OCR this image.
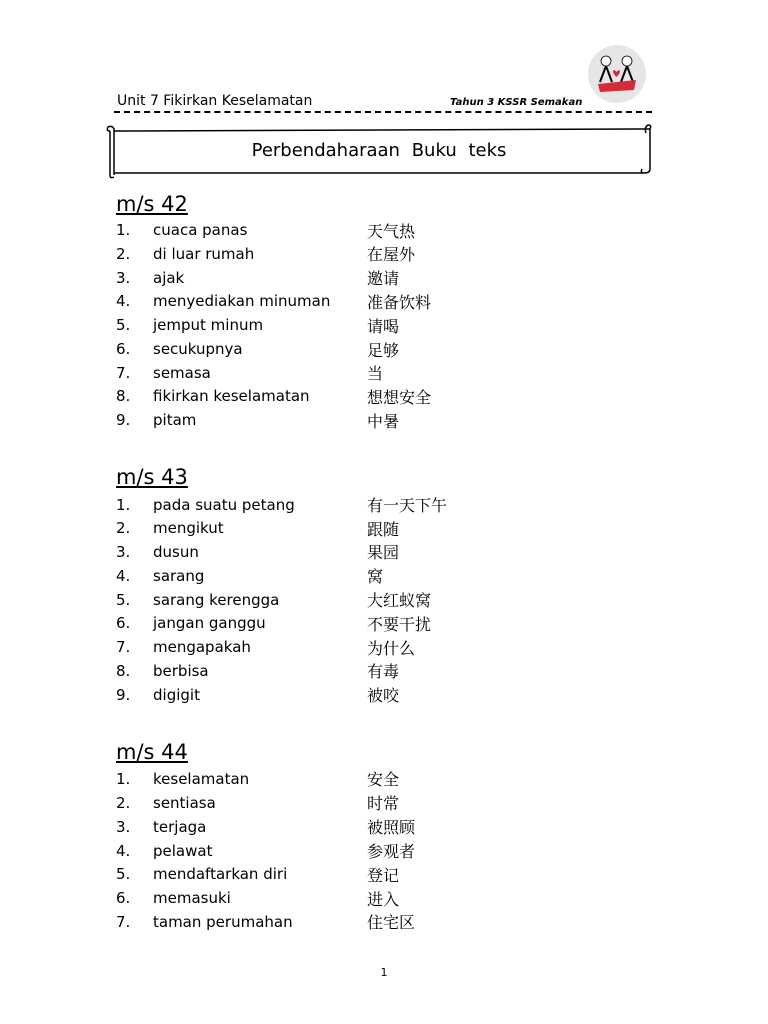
Unit 7 Fikirkan Keselamatan	Tahun 3 KSSR Semakan
Perbendaharaan Buku teks
m/s 42
1. cuaca panas	天气热
2. di luar rumah	在屋外
3. ajak	邀请
4. menyediakan minuman 准备饮料
5. jemput minum	请喝
6. secukupnya	足够
7. semasa	当
8. fikirkan keselamatan	想想安全
9. pitam	中暑
m/s 43
1. pada suatu petang	有一天下午
2. mengikut	跟随
3. dusun	果园
4. sarang	窝
5. sarang kerengga	大红蚁窝
6. jangan ganggu	不要干扰
7. mengapakah	为什么
8. berbisa	有毒
9. digigit	被咬
m/s 44
1. keselamatan	安全
2. sentiasa	时常
3. terjaga	被照顾
4. pelawat	参观者
5. mendaftarkan diri	登记
6. memasuki	进入
7. taman perumahan	住宅区
1
